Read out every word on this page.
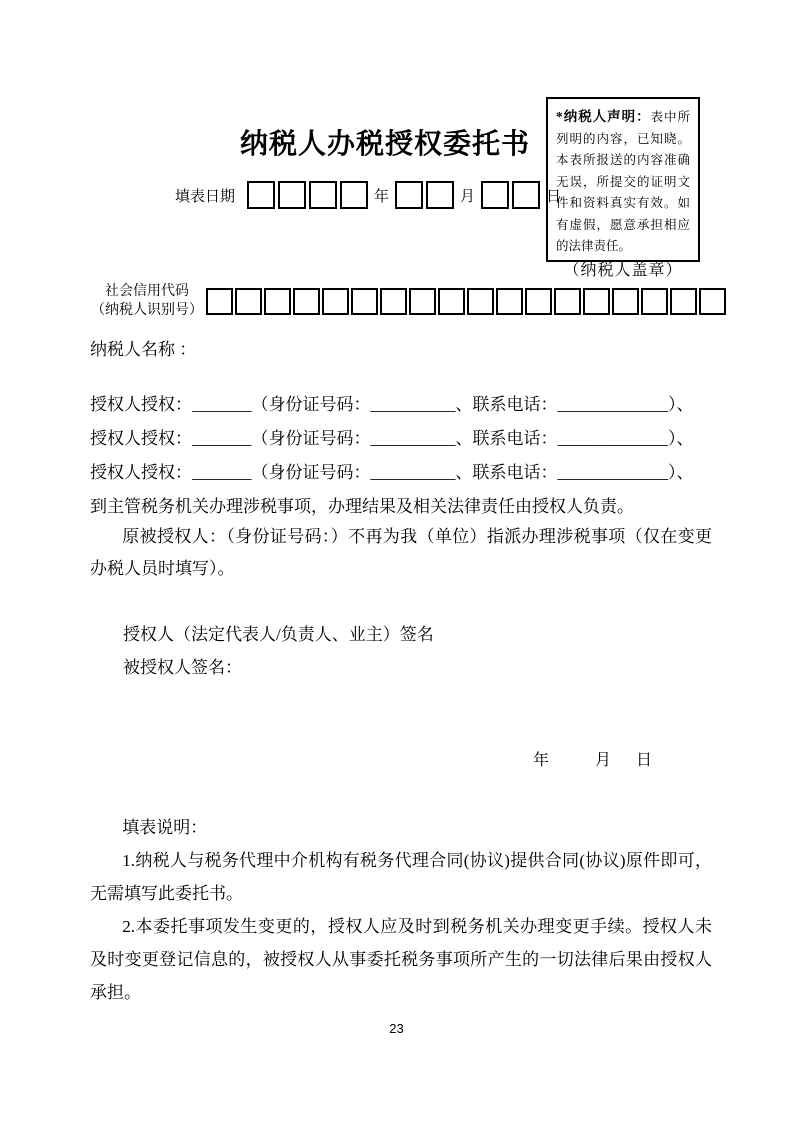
*纳税人声明：表中所列明的内容，已知晓。本表所报送的内容准确无误，所提交的证明文件和资料真实有效。如有虚假，愿意承担相应的法律责任。
（纳税人盖章）
纳税人办税授权委托书
填表日期	年	月	日
社会信用代码
（纳税人识别号）
纳税人名称 ：
授权人授权：_______（身份证号码：__________、联系电话：_____________）、
授权人授权：_______（身份证号码：__________、联系电话：_____________）、
授权人授权：_______（身份证号码：__________、联系电话：_____________）、
到主管税务机关办理涉税事项，办理结果及相关法律责任由授权人负责。

原被授权人：（身份证号码：）不再为我（单位）指派办理涉税事项（仅在变更办税人员时填写）。

授权人（法定代表人/负责人、业主）签名
被授权人签名：
年	月 日

填表说明：

1.纳税人与税务代理中介机构有税务代理合同(协议)提供合同(协议)原件即可，无需填写此委托书。

2.本委托事项发生变更的，授权人应及时到税务机关办理变更手续。授权人未及时变更登记信息的，被授权人从事委托税务事项所产生的一切法律后果由授权人承担。

23
